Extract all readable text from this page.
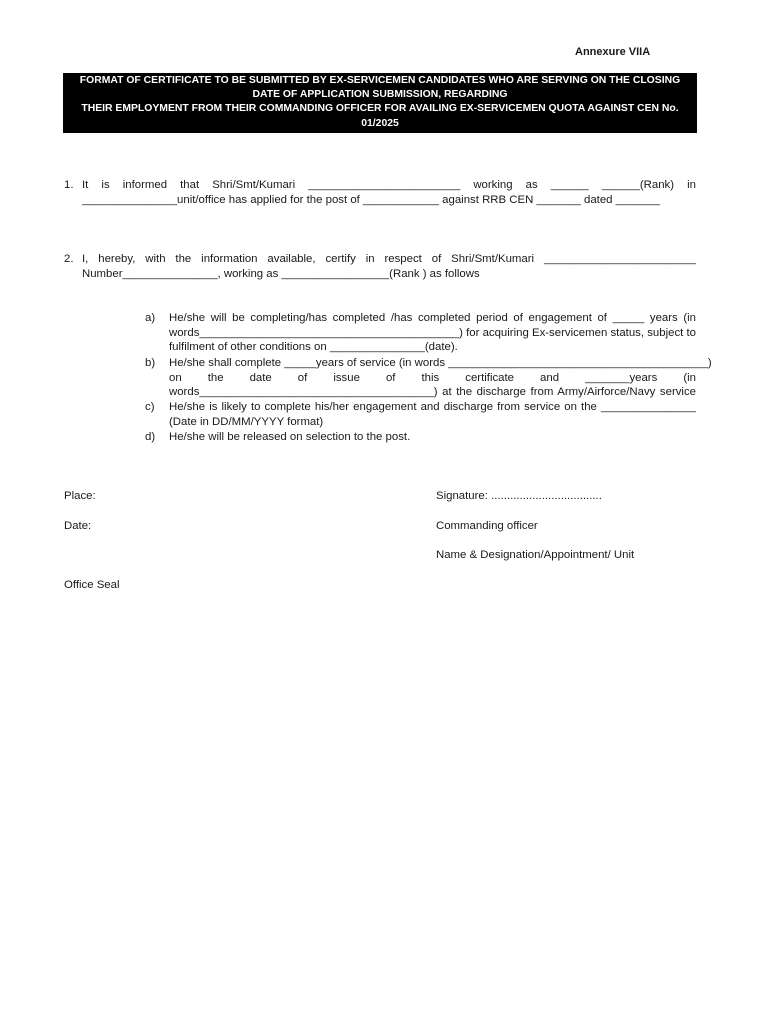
Annexure VIIA
FORMAT OF CERTIFICATE TO BE SUBMITTED BY EX-SERVICEMEN CANDIDATES WHO ARE SERVING ON THE CLOSING
DATE OF APPLICATION SUBMISSION, REGARDING
THEIR EMPLOYMENT FROM THEIR COMMANDING OFFICER FOR AVAILING EX-SERVICEMEN QUOTA AGAINST CEN No.
01/2025
1. It is informed that Shri/Smt/Kumari ________________________ working as ______ ______(Rank) in
_______________unit/office has applied for the post of ____________ against RRB CEN _______ dated _______
2. I, hereby, with the information available, certify in respect of Shri/Smt/Kumari ________________________
Number_______________, working as _________________(Rank ) as follows
a) He/she will be completing/has completed /has completed period of engagement of _____ years (in
words_________________________________________) for acquiring Ex-servicemen status, subject to
fulfilment of other conditions on _______________(date).
b) He/she shall complete _____years of service (in words _________________________________________)
on the date of issue of this certificate and _______years (in
words_____________________________________) at the discharge from Army/Airforce/Navy service
c) He/she is likely to complete his/her engagement and discharge from service on the _______________
(Date in DD/MM/YYYY format)
d) He/she will be released on selection to the post.
Place:
Date:
Office Seal
Signature: ...................................
Commanding officer
Name & Designation/Appointment/ Unit
